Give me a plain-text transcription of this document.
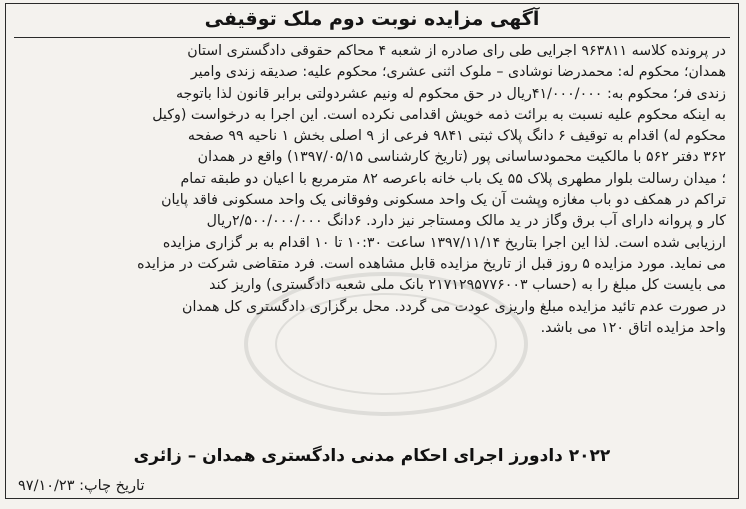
آگهی مزایده نوبت دوم ملک توقیفی
در پرونده کلاسه ۹۶۳۸۱۱ اجرایی طی رای صادره از شعبه ۴ محاکم حقوقی دادگستری استان
همدان؛ محکوم له: محمدرضا نوشادی – ملوک اثنی عشری؛ محکوم علیه: صدیقه زندی وامیر
زندی فر؛ محکوم به: ۴۱/۰۰۰/۰۰۰ریال در حق محکوم له ونیم عشردولتی برابر قانون لذا باتوجه
به اینکه محکوم علیه نسبت به برائت ذمه خویش اقدامی نکرده است. این اجرا به درخواست (وکیل
محکوم له) اقدام به توقیف ۶ دانگ پلاک ثبتی ۹۸۴۱ فرعی از ۹ اصلی بخش ۱ ناحیه ۹۹ صفحه
۳۶۲ دفتر ۵۶۲ با مالکیت محمودساسانی پور (تاریخ کارشناسی ۱۳۹۷/۰۵/۱۵) واقع در همدان
؛ میدان رسالت بلوار مطهری پلاک ۵۵ یک باب خانه باعرصه ۸۲ مترمربع با اعیان دو طبقه تمام
تراکم در همکف دو باب مغازه وپشت آن یک واحد مسکونی وفوقانی یک واحد مسکونی فاقد پایان
کار و پروانه دارای آب برق وگاز در ید مالک ومستاجر نیز دارد. ۶دانگ ۲/۵۰۰/۰۰۰/۰۰۰ریال
ارزیابی شده است. لذا این اجرا بتاریخ ۱۳۹۷/۱۱/۱۴ ساعت ۱۰:۳۰ تا ۱۰ اقدام به بر گزاری مزایده
می نماید. مورد مزایده ۵ روز قبل از تاریخ مزایده قابل مشاهده است. فرد متقاضی شرکت در مزایده
می بایست کل مبلغ را به (حساب ۲۱۷۱۲۹۵۷۷۶۰۰۳ بانک ملی شعبه دادگستری) واریز کند
در صورت عدم تائید مزایده مبلغ واریزی عودت می گردد. محل برگزاری دادگستری کل همدان
واحد مزایده اتاق ۱۲۰ می باشد.
۲۰۲۲ دادورز اجرای احکام مدنی دادگستری همدان – زائری
تاریخ چاپ: ۹۷/۱۰/۲۳
